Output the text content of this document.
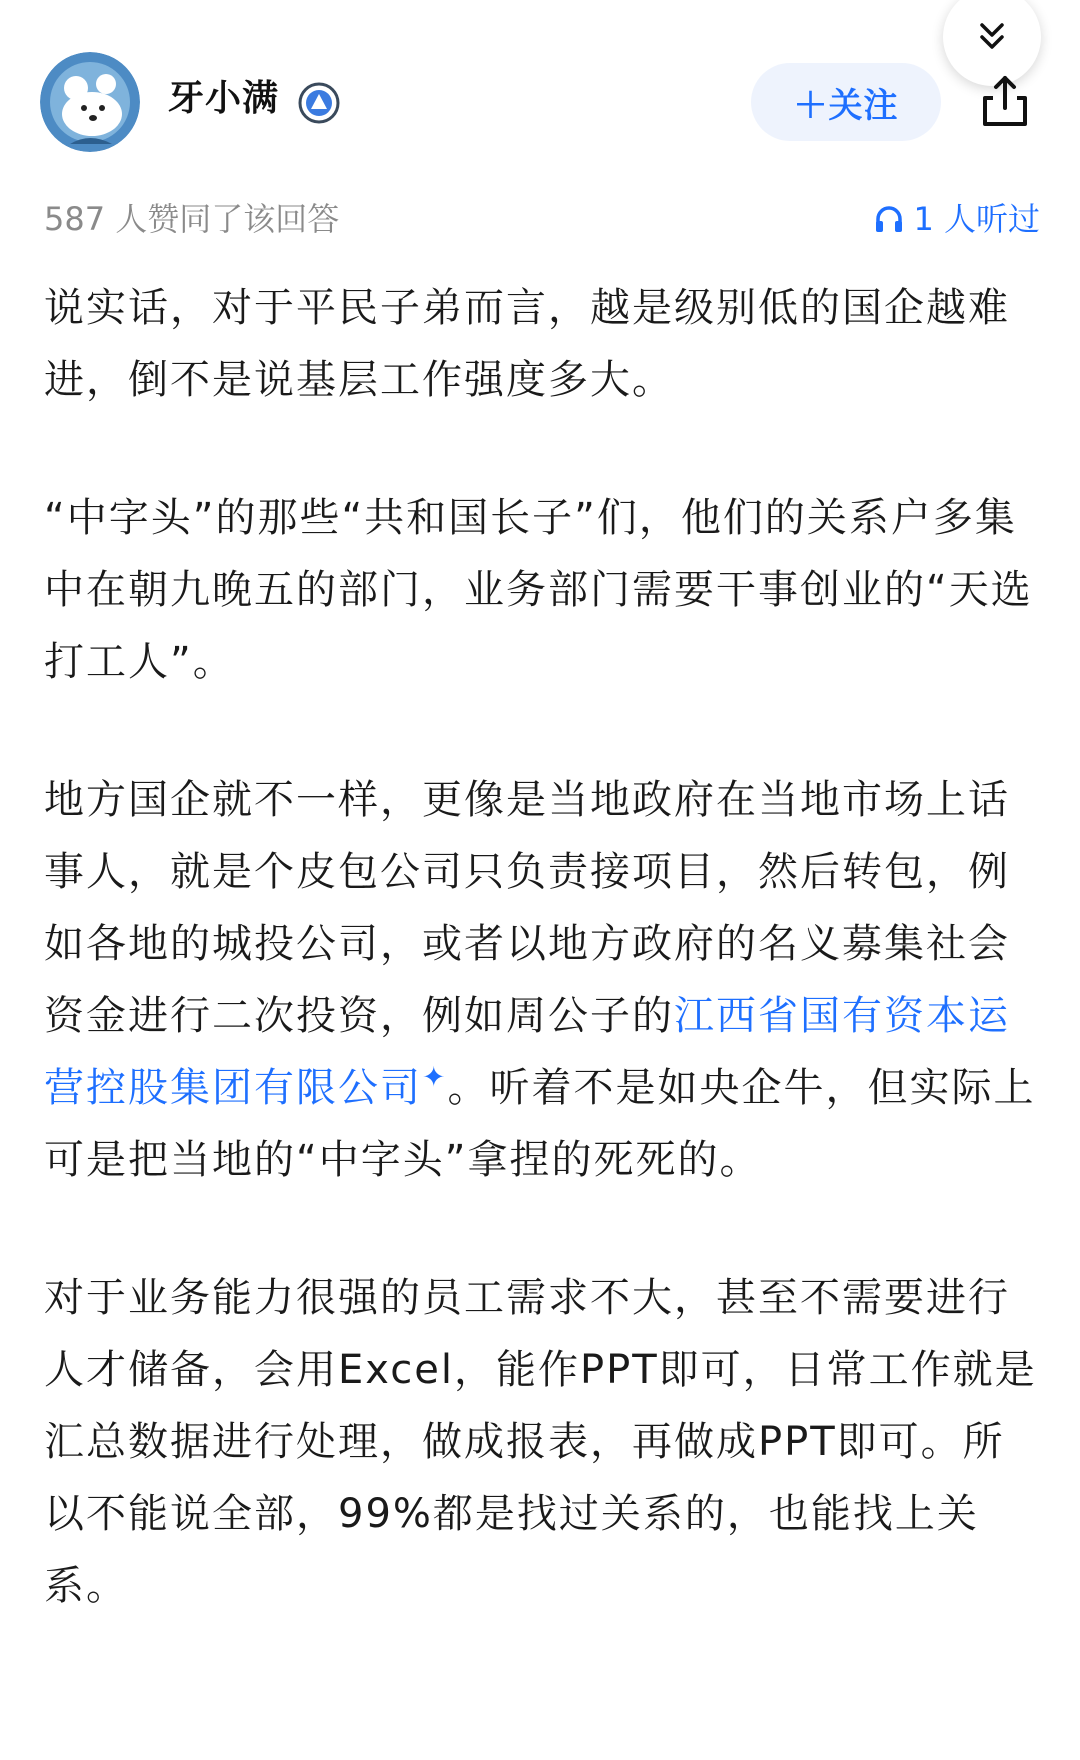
牙小满	＋关注
587 人赞同了该回答	1 人听过

说实话，对于平民子弟而言，越是级别低的国企越难进，倒不是说基层工作强度多大。

“中字头”的那些“共和国长子”们，他们的关系户多集中在朝九晚五的部门，业务部门需要干事创业的“天选打工人”。

地方国企就不一样，更像是当地政府在当地市场上话事人，就是个皮包公司只负责接项目，然后转包，例如各地的城投公司，或者以地方政府的名义募集社会资金进行二次投资，例如周公子的江西省国有资本运营控股集团有限公司✦。听着不是如央企牛，但实际上可是把当地的“中字头”拿捏的死死的。

对于业务能力很强的员工需求不大，甚至不需要进行人才储备，会用Excel，能作PPT即可，日常工作就是汇总数据进行处理，做成报表，再做成PPT即可。所以不能说全部，99%都是找过关系的，也能找上关系。
